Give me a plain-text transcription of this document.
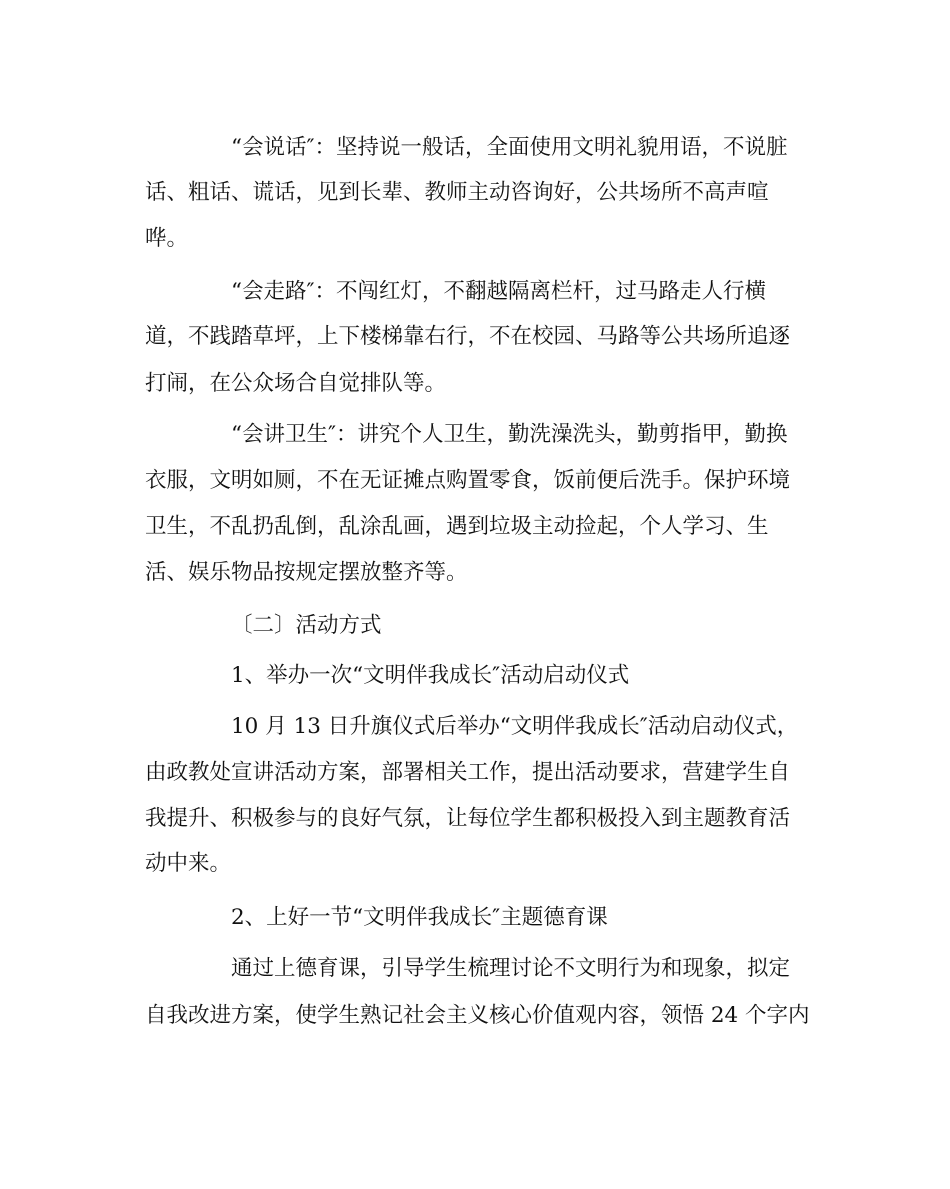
“会说话″：坚持说一般话，全面使用文明礼貌用语，不说脏
话、粗话、谎话，见到长辈、教师主动咨询好，公共场所不高声喧
哗。
“会走路″：不闯红灯，不翻越隔离栏杆，过马路走人行横
道，不践踏草坪，上下楼梯靠右行，不在校园、马路等公共场所追逐
打闹，在公众场合自觉排队等。
“会讲卫生″：讲究个人卫生，勤洗澡洗头，勤剪指甲，勤换
衣服，文明如厕，不在无证摊点购置零食，饭前便后洗手。保护环境
卫生，不乱扔乱倒，乱涂乱画，遇到垃圾主动捡起，个人学习、生
活、娱乐物品按规定摆放整齐等。
〔二〕活动方式
1、举办一次“文明伴我成长″活动启动仪式
10 月 13 日升旗仪式后举办“文明伴我成长″活动启动仪式，
由政教处宣讲活动方案，部署相关工作，提出活动要求，营建学生自
我提升、积极参与的良好气氛，让每位学生都积极投入到主题教育活
动中来。
2、上好一节“文明伴我成长″主题德育课
通过上德育课，引导学生梳理讨论不文明行为和现象，拟定
自我改进方案，使学生熟记社会主义核心价值观内容，领悟 24 个字内
